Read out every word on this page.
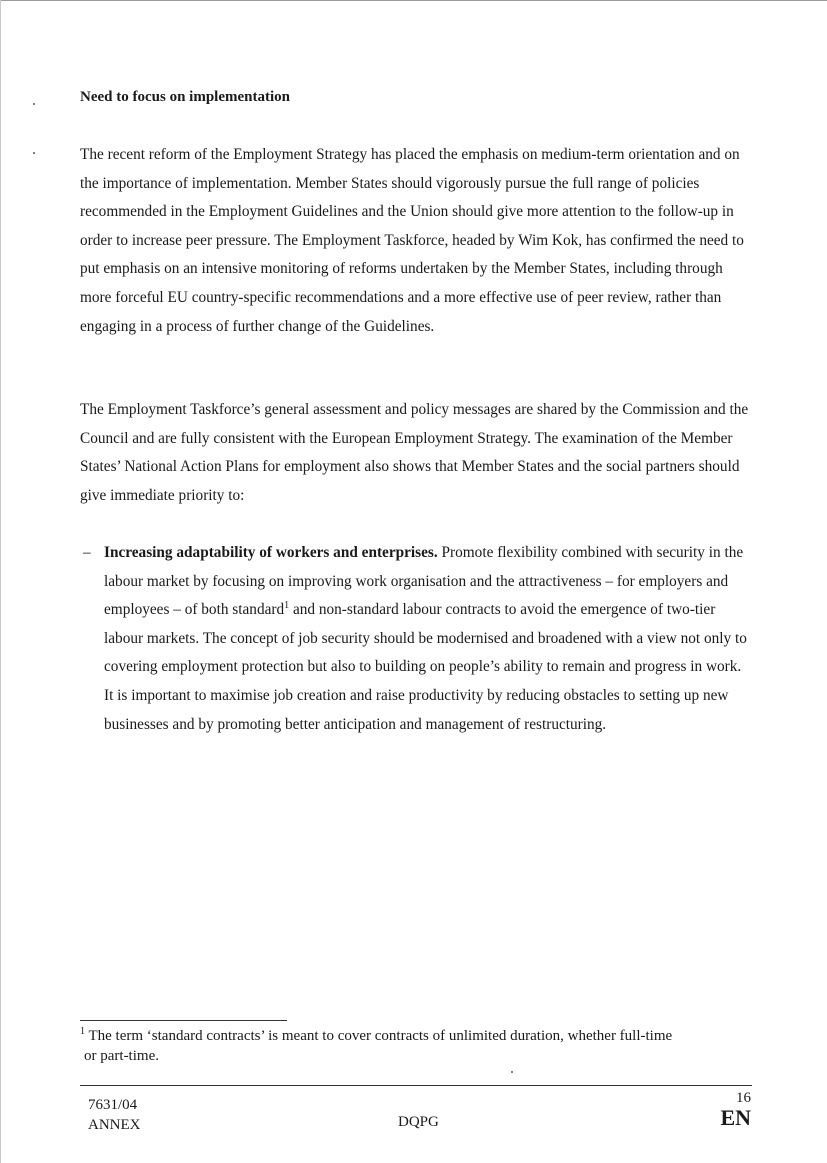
Need to focus on implementation

The recent reform of the Employment Strategy has placed the emphasis on medium-term orientation and on the importance of implementation. Member States should vigorously pursue the full range of policies recommended in the Employment Guidelines and the Union should give more attention to the follow-up in order to increase peer pressure. The Employment Taskforce, headed by Wim Kok, has confirmed the need to put emphasis on an intensive monitoring of reforms undertaken by the Member States, including through more forceful EU country-specific recommendations and a more effective use of peer review, rather than engaging in a process of further change of the Guidelines.

The Employment Taskforce’s general assessment and policy messages are shared by the Commission and the Council and are fully consistent with the European Employment Strategy. The examination of the Member States’ National Action Plans for employment also shows that Member States and the social partners should give immediate priority to:

– Increasing adaptability of workers and enterprises. Promote flexibility combined with security in the labour market by focusing on improving work organisation and the attractiveness – for employers and employees – of both standard$^1$ and non-standard labour contracts to avoid the emergence of two-tier labour markets. The concept of job security should be modernised and broadened with a view not only to covering employment protection but also to building on people’s ability to remain and progress in work. It is important to maximise job creation and raise productivity by reducing obstacles to setting up new businesses and by promoting better anticipation and management of restructuring.

$^1$ The term ‘standard contracts’ is meant to cover contracts of unlimited duration, whether full-time
or part-time.

7631/04
ANNEX	DQPG
16
EN
